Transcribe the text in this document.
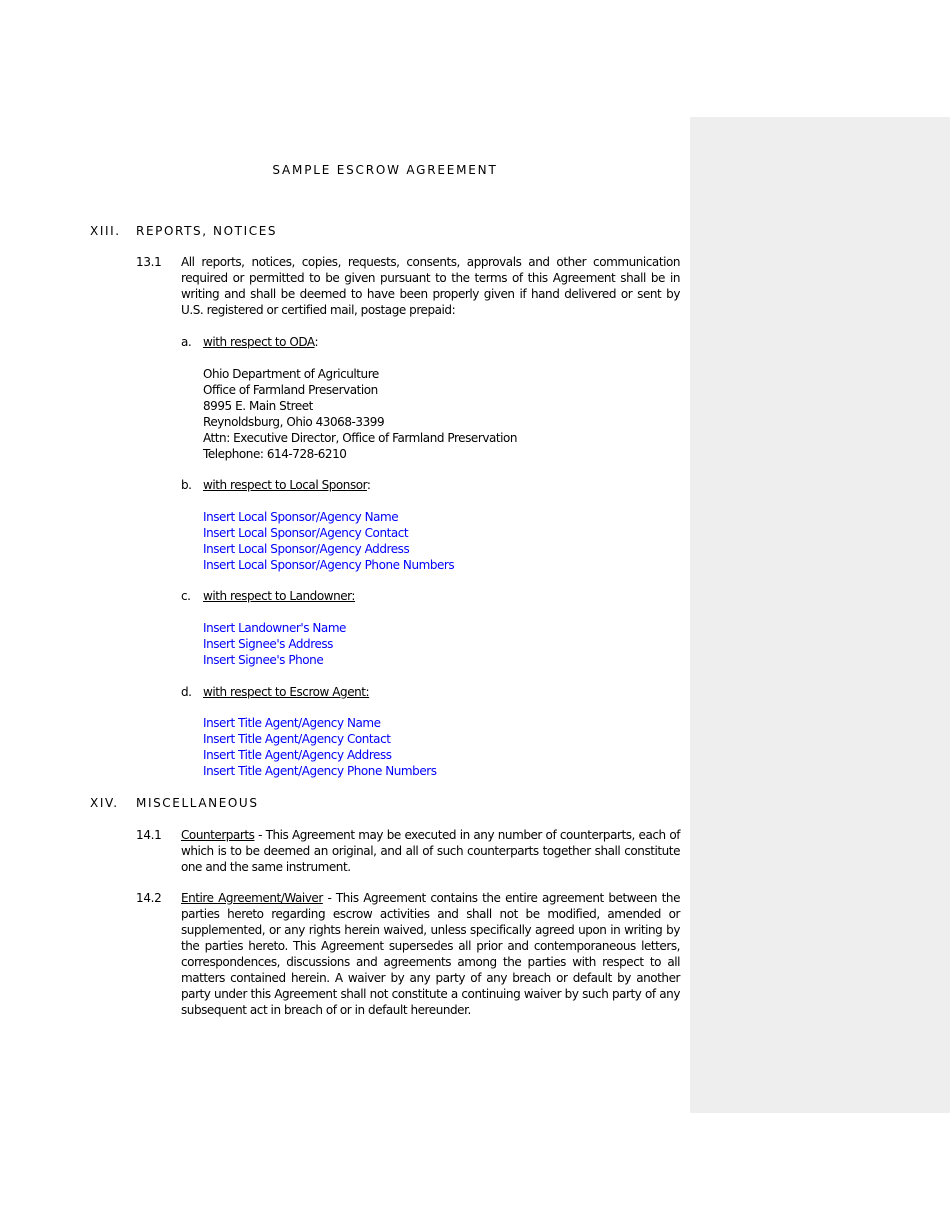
SAMPLE ESCROW AGREEMENT
XIII. REPORTS, NOTICES
13.1 All reports, notices, copies, requests, consents, approvals and other communication required or permitted to be given pursuant to the terms of this Agreement shall be in writing and shall be deemed to have been properly given if hand delivered or sent by U.S. registered or certified mail, postage prepaid:
a. with respect to ODA:
Ohio Department of Agriculture
Office of Farmland Preservation
8995 E. Main Street
Reynoldsburg, Ohio 43068-3399
Attn: Executive Director, Office of Farmland Preservation
Telephone: 614-728-6210
b. with respect to Local Sponsor:
Insert Local Sponsor/Agency Name
Insert Local Sponsor/Agency Contact
Insert Local Sponsor/Agency Address
Insert Local Sponsor/Agency Phone Numbers
c. with respect to Landowner:
Insert Landowner's Name
Insert Signee's Address
Insert Signee's Phone
d. with respect to Escrow Agent:
Insert Title Agent/Agency Name
Insert Title Agent/Agency Contact
Insert Title Agent/Agency Address
Insert Title Agent/Agency Phone Numbers
XIV. MISCELLANEOUS
14.1 Counterparts - This Agreement may be executed in any number of counterparts, each of which is to be deemed an original, and all of such counterparts together shall constitute one and the same instrument.
14.2 Entire Agreement/Waiver - This Agreement contains the entire agreement between the parties hereto regarding escrow activities and shall not be modified, amended or supplemented, or any rights herein waived, unless specifically agreed upon in writing by the parties hereto. This Agreement supersedes all prior and contemporaneous letters, correspondences, discussions and agreements among the parties with respect to all matters contained herein. A waiver by any party of any breach or default by another party under this Agreement shall not constitute a continuing waiver by such party of any subsequent act in breach of or in default hereunder.
